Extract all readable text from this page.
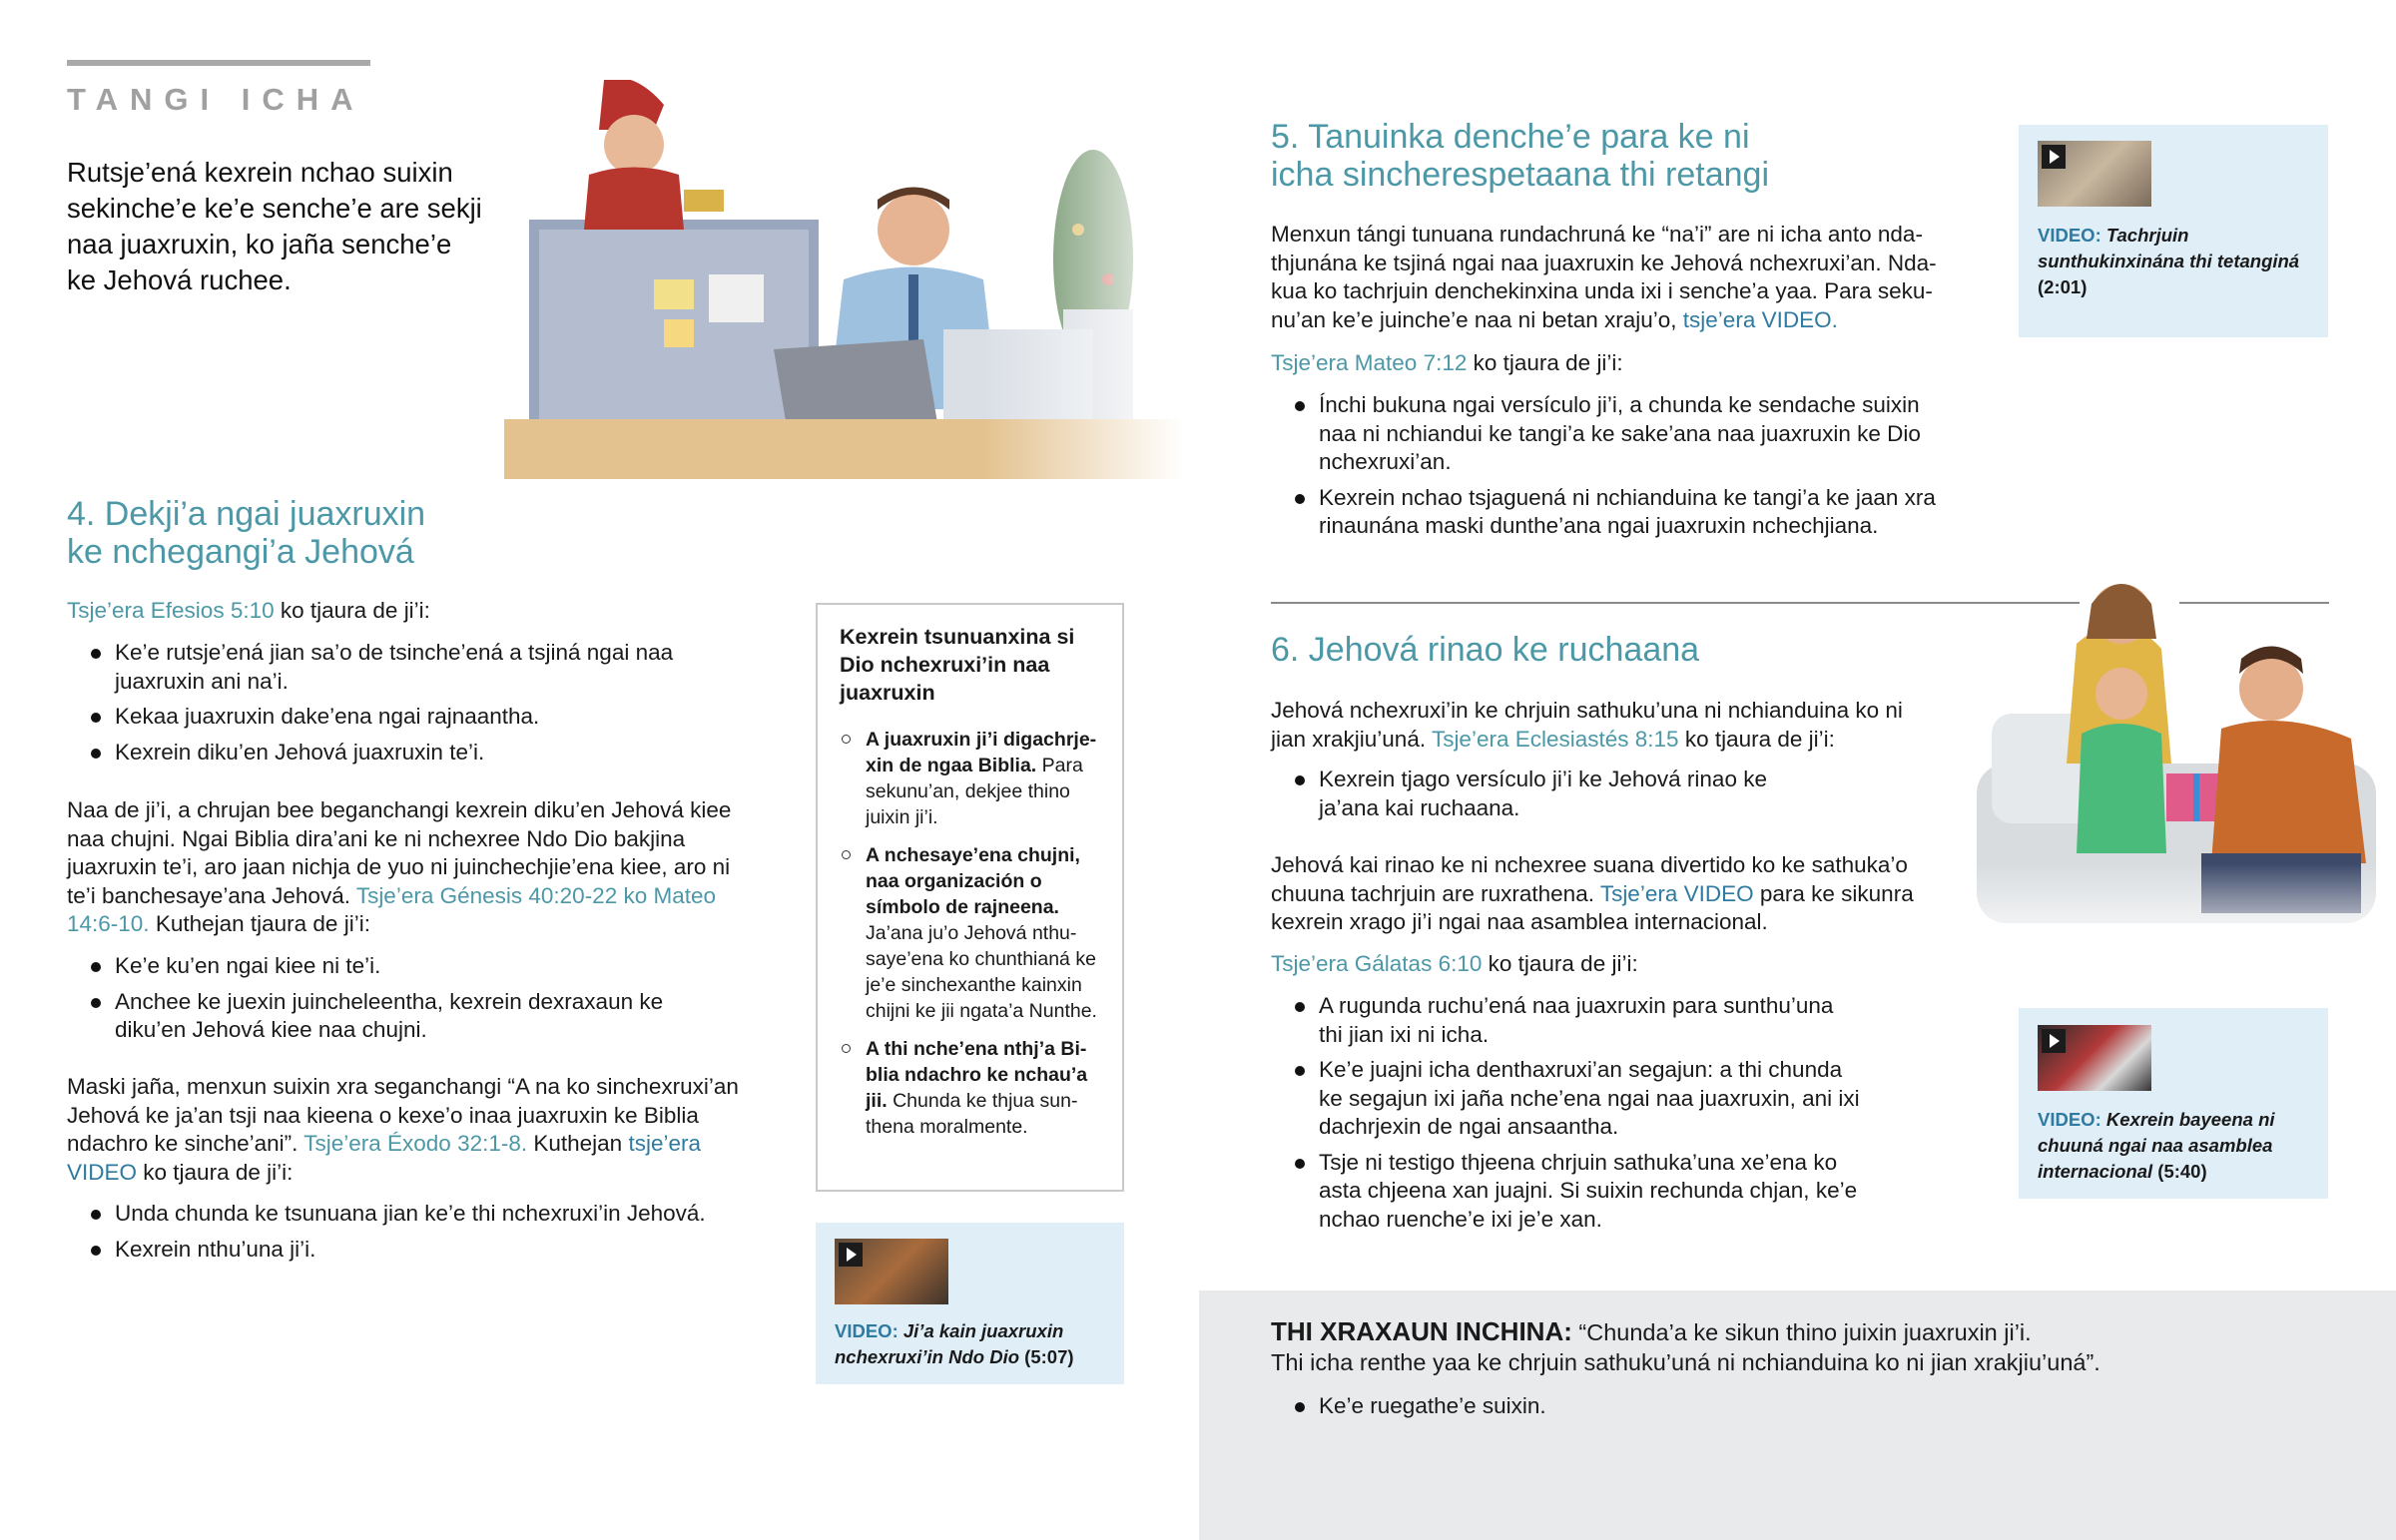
TANGI ICHA
Rutsje’ená kexrein nchao suixin sekinche’e ke’e senche’e are sekji naa juaxruxin, ko jaña senche’e ke Jehová ruchee.
4. Dekji’a ngai juaxruxin
ke nchegangi’a Jehová
Tsje’era Efesios 5:10 ko tjaura de ji’i:
Ke’e rutsje’ená jian sa’o de tsinche’ená a tsjiná ngai naa juaxruxin ani na’i.
Kekaa juaxruxin dake’ena ngai rajnaantha.
Kexrein diku’en Jehová juaxruxin te’i.
Naa de ji’i, a chrujan bee beganchangi kexrein diku’en Jehová kiee naa chujni. Ngai Biblia dira’ani ke ni nchexree Ndo Dio bakjina juaxruxin te’i, aro jaan nichja de yuo ni juinchechjie’ena kiee, aro ni te’i banchesaye’ana Jehová. Tsje’era Génesis 40:20-22 ko Mateo 14:6-10. Kuthejan tjaura de ji’i:
Ke’e ku’en ngai kiee ni te’i.
Anchee ke juexin juincheleentha, kexrein dexraxaun ke diku’en Jehová kiee naa chujni.
Maski jaña, menxun suixin xra seganchangi “A na ko sinchexruxi’an Jehová ke ja’an tsji naa kieena o kexe’o inaa juaxruxin ke Biblia ndachro ke sinche’ani”. Tsje’era Éxodo 32:1-8. Kuthejan tsje’era VIDEO ko tjaura de ji’i:
Unda chunda ke tsunuana jian ke’e thi nchexruxi’in Jehová.
Kexrein nthu’una ji’i.
Kexrein tsunuanxina si Dio nchexruxi’in naa juaxruxin
A juaxruxin ji’i digachrjexin de ngaa Biblia. Para sekunu’an, dekjee thino juixin ji’i.
A nchesaye’ena chujni, naa organización o símbolo de rajneena. Ja’ana ju’o Jehová nthusaye’ena ko chunthianá ke je’e sinchexanthe kainxin chijni ke jii ngata’a Nunthe.
A thi nche’ena nthj’a Biblia ndachro ke nchau’a jii. Chunda ke thjua sunthena moralmente.
VIDEO: Ji’a kain juaxruxin nchexruxi’in Ndo Dio (5:07)
5. Tanuinka denche’e para ke ni
icha sincherespetaana thi retangi
Menxun tángi tunuana rundachruná ke “na’i” are ni icha anto ndathjunána ke tsjiná ngai naa juaxruxin ke Jehová nchexruxi’an. Ndakua ko tachrjuin denchekinxina unda ixi i senche’a yaa. Para sekunu’an ke’e juinche’e naa ni betan xraju’o, tsje’era VIDEO.
Tsje’era Mateo 7:12 ko tjaura de ji’i:
Ínchi bukuna ngai versículo ji’i, a chunda ke sendache suixin naa ni nchiandui ke tangi’a ke sake’ana naa juaxruxin ke Dio nchexruxi’an.
Kexrein nchao tsjaguená ni nchianduina ke tangi’a ke jaan xra rinaunána maski dunthe’ana ngai juaxruxin nchechjiana.
VIDEO: Tachrjuin sunthukinxinána thi tetanginá (2:01)
6. Jehová rinao ke ruchaana
Jehová nchexruxi’in ke chrjuin sathuku’una ni nchianduina ko ni jian xrakjiu’uná. Tsje’era Eclesiastés 8:15 ko tjaura de ji’i:
Kexrein tjago versículo ji’i ke Jehová rinao ke ja’ana kai ruchaana.
Jehová kai rinao ke ni nchexree suana divertido ko ke sathuka’o chuuna tachrjuin are ruxrathena. Tsje’era VIDEO para ke sikunra kexrein xrago ji’i ngai naa asamblea internacional.
Tsje’era Gálatas 6:10 ko tjaura de ji’i:
A rugunda ruchu’ená naa juaxruxin para sunthu’una thi jian ixi ni icha.
Ke’e juajni icha denthaxruxi’an segajun: a thi chunda ke segajun ixi jaña nche’ena ngai naa juaxruxin, ani ixi dachrjexin de ngai ansaantha.
Tsje ni testigo thjeena chrjuin sathuka’una xe’ena ko asta chjeena xan juajni. Si suixin rechunda chjan, ke’e nchao ruenche’e ixi je’e xan.
VIDEO: Kexrein bayeena ni chuuná ngai naa asamblea internacional (5:40)
THI XRAXAUN INCHINA: “Chunda’a ke sikun thino juixin juaxruxin ji’i.
Thi icha renthe yaa ke chrjuin sathuku’uná ni nchianduina ko ni jian xrakjiu’uná”.
Ke’e ruegathe’e suixin.
